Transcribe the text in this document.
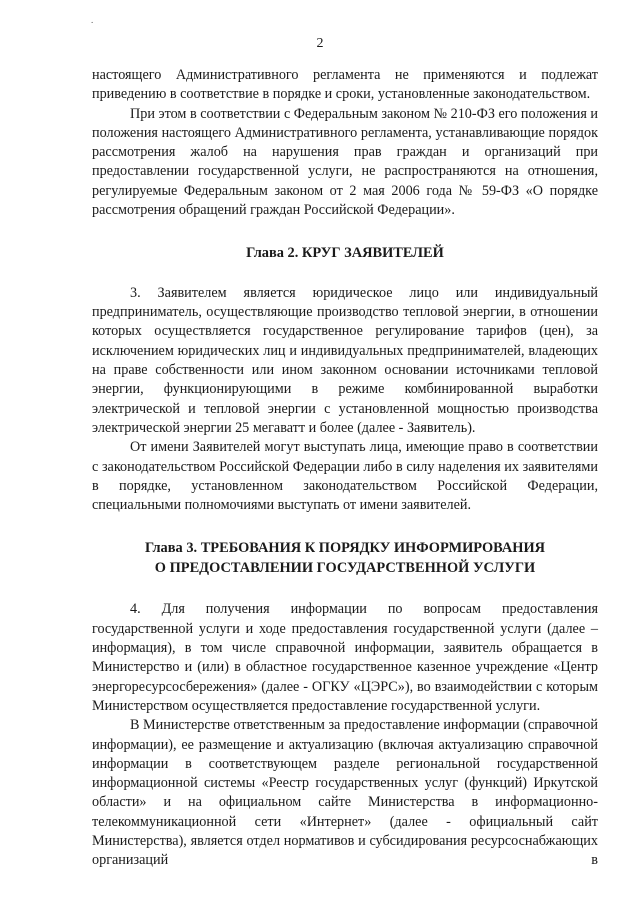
.
2

настоящего Административного регламента не применяются и подлежат приведению в соответствие в порядке и сроки, установленные законодательством.

При этом в соответствии с Федеральным законом № 210-ФЗ его положения и положения настоящего Административного регламента, устанавливающие порядок рассмотрения жалоб на нарушения прав граждан и организаций при предоставлении государственной услуги, не распространяются на отношения, регулируемые Федеральным законом от 2 мая 2006 года № 59-ФЗ «О порядке рассмотрения обращений граждан Российской Федерации».

Глава 2. КРУГ ЗАЯВИТЕЛЕЙ

3. Заявителем является юридическое лицо или индивидуальный предприниматель, осуществляющие производство тепловой энергии, в отношении которых осуществляется государственное регулирование тарифов (цен), за исключением юридических лиц и индивидуальных предпринимателей, владеющих на праве собственности или ином законном основании источниками тепловой энергии, функционирующими в режиме комбинированной выработки электрической и тепловой энергии с установленной мощностью производства электрической энергии 25 мегаватт и более (далее - Заявитель).

От имени Заявителей могут выступать лица, имеющие право в соответствии с законодательством Российской Федерации либо в силу наделения их заявителями в порядке, установленном законодательством Российской Федерации, специальными полномочиями выступать от имени заявителей.

Глава 3. ТРЕБОВАНИЯ К ПОРЯДКУ ИНФОРМИРОВАНИЯ
О ПРЕДОСТАВЛЕНИИ ГОСУДАРСТВЕННОЙ УСЛУГИ

4. Для получения информации по вопросам предоставления государственной услуги и ходе предоставления государственной услуги (далее – информация), в том числе справочной информации, заявитель обращается в Министерство и (или) в областное государственное казенное учреждение «Центр энергоресурсосбережения» (далее - ОГКУ «ЦЭРС»), во взаимодействии с которым Министерством осуществляется предоставление государственной услуги.

В Министерстве ответственным за предоставление информации (справочной информации), ее размещение и актуализацию (включая актуализацию справочной информации в соответствующем разделе региональной государственной информационной системы «Реестр государственных услуг (функций) Иркутской области» и на официальном сайте Министерства в информационно-телекоммуникационной сети «Интернет» (далее - официальный сайт Министерства), является отдел нормативов и субсидирования ресурсоснабжающих организаций в
